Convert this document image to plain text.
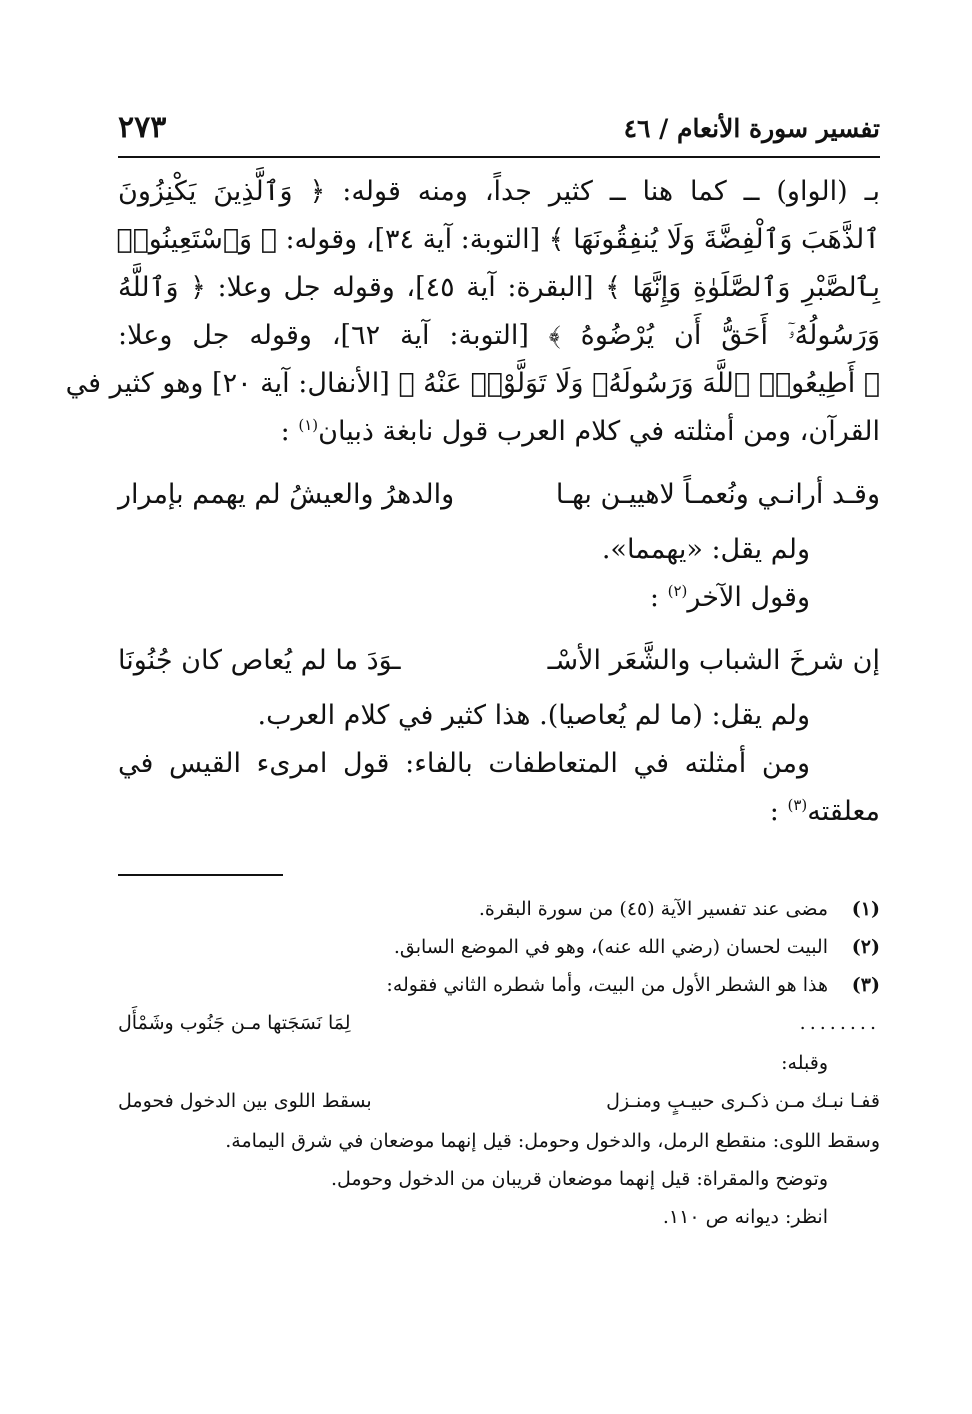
تفسير سورة الأنعام / ٤٦
٢٧٣
بـ (الواو) ــ كما هنا ــ كثير جداً، ومنه قوله: ﴿ وَٱلَّذِينَ يَكْنِزُونَ
ٱلذَّهَبَ وَٱلْفِضَّةَ وَلَا يُنفِقُونَهَا ﴾ [التوبة: آية ٣٤]، وقوله: ﴿ وَٱسْتَعِينُوا۟
بِٱلصَّبْرِ وَٱلصَّلَوٰةِ وَإِنَّهَا ﴾ [البقرة: آية ٤٥]، وقوله جل وعلا: ﴿ وَٱللَّهُ
وَرَسُولُهُۥٓ أَحَقُّ أَن يُرْضُوهُ ﴾ [التوبة: آية ٦٢]، وقوله جل وعلا:
﴿ أَطِيعُوا۟ ٱللَّهَ وَرَسُولَهُۥ وَلَا تَوَلَّوْا۟ عَنْهُ ﴾ [الأنفال: آية ٢٠] وهو كثير في
القرآن، ومن أمثلته في كلام العرب قول نابغة ذبيان$^{(١)}$ :
وقـد أرانـي ونُعمـاً لاهييـن بهـا
والدهرُ والعيشُ لم يهمم بإمرار
ولم يقل: «يهمما».
وقول الآخر$^{(٢)}$ :
إن شرخَ الشباب والشَّعَر الأسْـ
ـوَدَ ما لم يُعاص كان جُنُونَا
ولم يقل: (ما لم يُعاصيا). هذا كثير في كلام العرب.
ومن أمثلته في المتعاطفات بالفاء: قول امرىء القيس في
معلقته$^{(٣)}$ :
(١)
مضى عند تفسير الآية (٤٥) من سورة البقرة.
(٢)
البيت لحسان (رضي الله عنه)، وهو في الموضع السابق.
(٣)
هذا هو الشطر الأول من البيت، وأما شطره الثاني فقوله:
........
لِمَا نَسَجَتها مـن جَنُوب وشَمْأَل
وقبله:
قفـا نبـك مـن ذكـرى حبيـبٍ ومنـزل
بسقط اللوى بين الدخول فحومل
وسقط اللوى: منقطع الرمل، والدخول وحومل: قيل إنهما موضعان في شرق اليمامة.
وتوضح والمقراة: قيل إنهما موضعان قريبان من الدخول وحومل.
انظر: ديوانه ص ١١٠.
